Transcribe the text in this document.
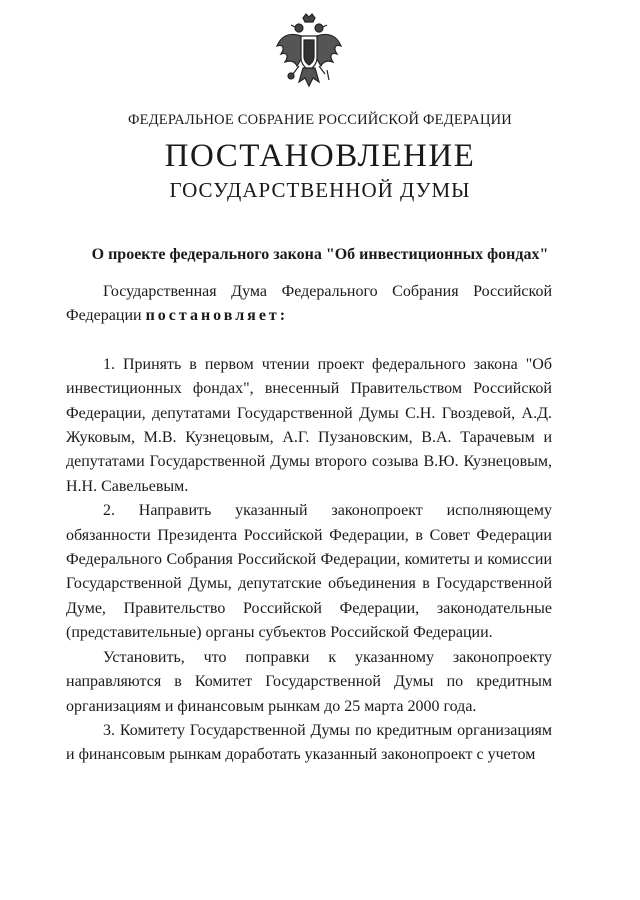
ФЕДЕРАЛЬНОЕ СОБРАНИЕ РОССИЙСКОЙ ФЕДЕРАЦИИ
ПОСТАНОВЛЕНИЕ
ГОСУДАРСТВЕННОЙ ДУМЫ
О проекте федерального закона "Об инвестиционных фондах"

Государственная Дума Федерального Собрания Российской Федерации постановляет:

1. Принять в первом чтении проект федерального закона "Об инвестиционных фондах", внесенный Правительством Российской Федерации, депутатами Государственной Думы С.Н. Гвоздевой, А.Д. Жуковым, М.В. Кузнецовым, А.Г. Пузановским, В.А. Тарачевым и депутатами Государственной Думы второго созыва В.Ю. Кузнецовым, Н.Н. Савельевым.

2. Направить указанный законопроект исполняющему обязанности Президента Российской Федерации, в Совет Федерации Федерального Собрания Российской Федерации, комитеты и комиссии Государственной Думы, депутатские объединения в Государственной Думе, Правительство Российской Федерации, законодательные (представительные) органы субъектов Российской Федерации.

Установить, что поправки к указанному законопроекту направляются в Комитет Государственной Думы по кредитным организациям и финансовым рынкам до 25 марта 2000 года.

3. Комитету Государственной Думы по кредитным организациям и финансовым рынкам доработать указанный законопроект с учетом
